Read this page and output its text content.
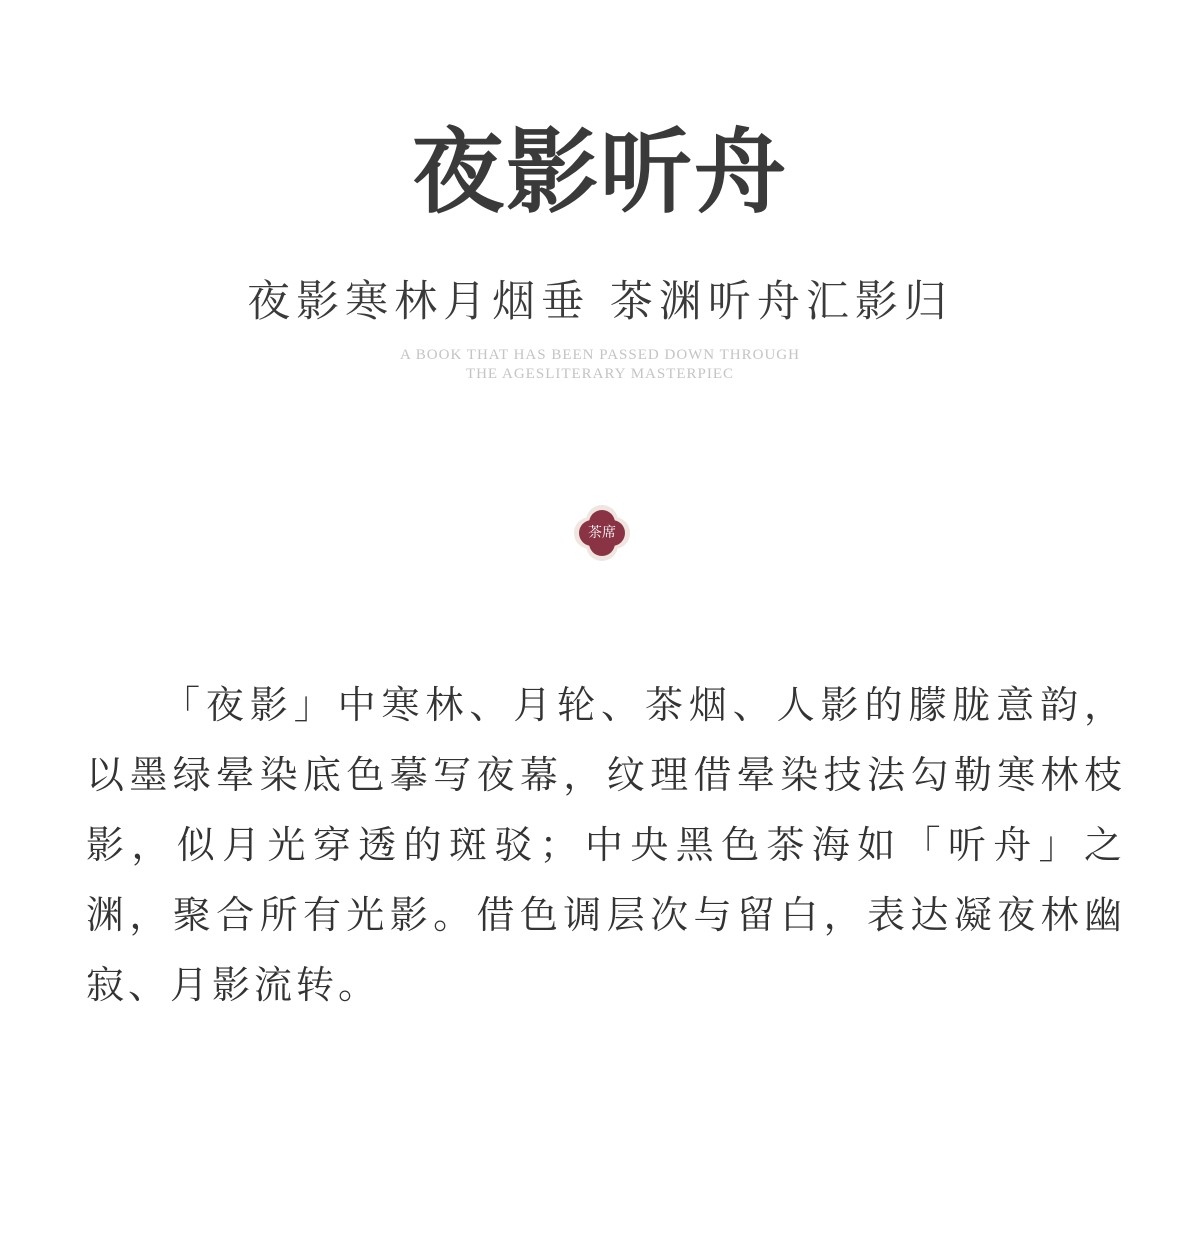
夜影听舟
夜影寒林月烟垂 茶渊听舟汇影归
A BOOK THAT HAS BEEN PASSED DOWN THROUGH
THE AGESLITERARY MASTERPIEC
茶席

「夜影」中寒林、月轮、茶烟、人影的朦胧意韵，以墨绿晕染底色摹写夜幕，纹理借晕染技法勾勒寒林枝影，似月光穿透的斑驳；中央黑色茶海如「听舟」之渊，聚合所有光影。借色调层次与留白，表达凝夜林幽寂、月影流转。
